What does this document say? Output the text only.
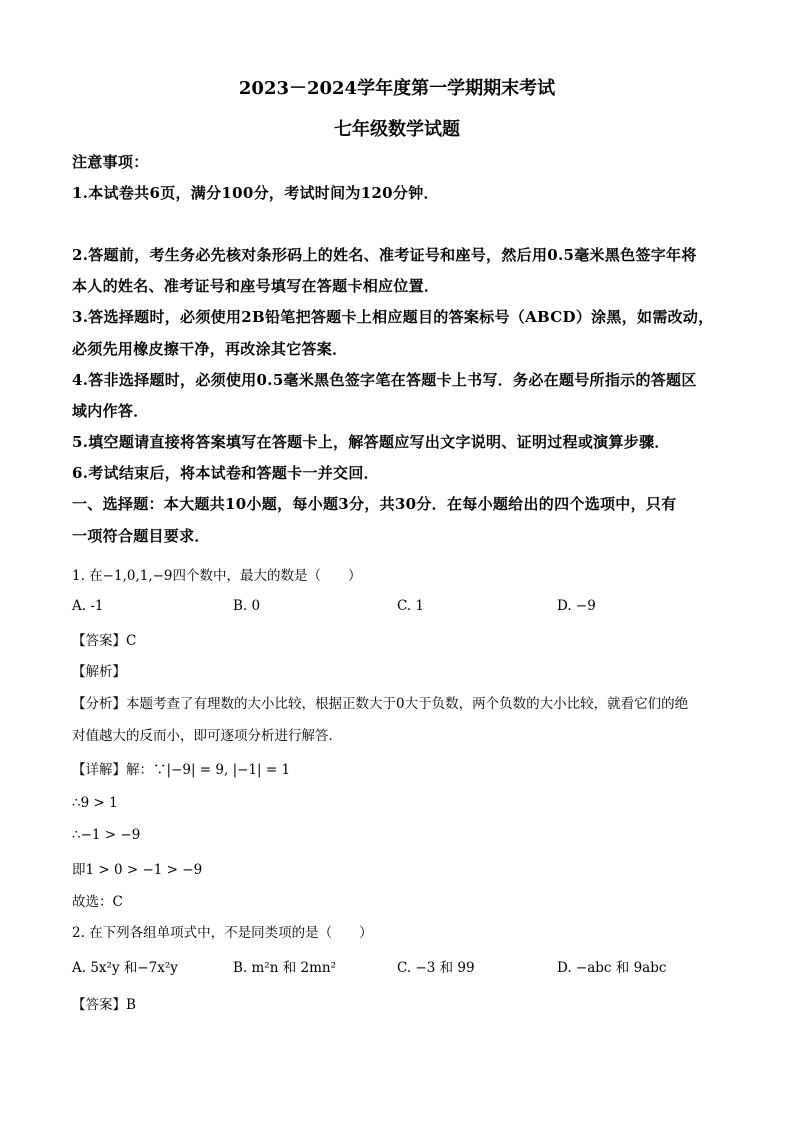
2023－2024学年度第一学期期末考试
七年级数学试题
注意事项：
1.本试卷共6页，满分100分，考试时间为120分钟．
2.答题前，考生务必先核对条形码上的姓名、准考证号和座号，然后用0.5毫米黑色签字年将
本人的姓名、准考证号和座号填写在答题卡相应位置．
3.答选择题时，必须使用2B铅笔把答题卡上相应题目的答案标号（ABCD）涂黑，如需改动，
必须先用橡皮擦干净，再改涂其它答案．
4.答非选择题时，必须使用0.5毫米黑色签字笔在答题卡上书写．务必在题号所指示的答题区
域内作答．
5.填空题请直接将答案填写在答题卡上，解答题应写出文字说明、证明过程或演算步骤．
6.考试结束后，将本试卷和答题卡一并交回．
一、选择题：本大题共10小题，每小题3分，共30分．在每小题给出的四个选项中，只有
一项符合题目要求．
1. 在−1,0,1,−9四个数中，最大的数是（　　）
A. -1	B. 0	C. 1	D. −9
【答案】C
【解析】
【分析】本题考查了有理数的大小比较，根据正数大于0大于负数，两个负数的大小比较，就看它们的绝
对值越大的反而小，即可逐项分析进行解答．
【详解】解：∵|−9| = 9, |−1| = 1
∴9 > 1
∴−1 > −9
即1 > 0 > −1 > −9
故选：C
2. 在下列各组单项式中，不是同类项的是（　　）
A. 5x²y 和−7x²y	B. m²n 和 2mn²	C. −3 和 99	D. −abc 和 9abc
【答案】B
